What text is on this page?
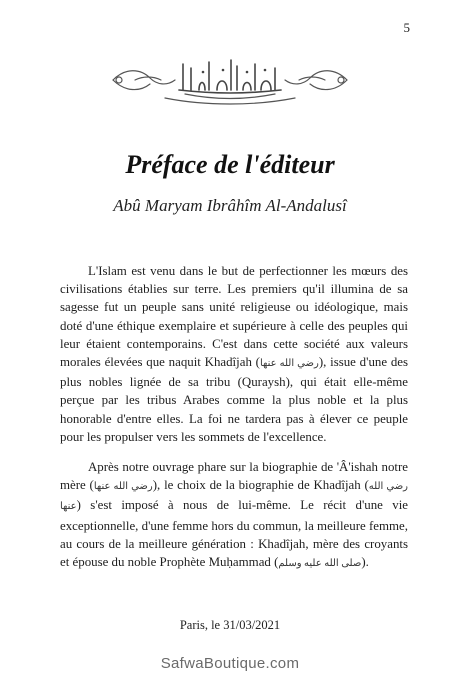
5
Préface de l'éditeur
Abû Maryam Ibrâhîm Al-Andalusî

L'Islam est venu dans le but de perfectionner les mœurs des civilisations établies sur terre. Les premiers qu'il illumina de sa sagesse fut un peuple sans unité religieuse ou idéologique, mais doté d'une éthique exemplaire et supérieure à celle des peuples qui leur étaient contemporains. C'est dans cette société aux valeurs morales élevées que naquit Khadîjah (رضي الله عنها), issue d'une des plus nobles lignée de sa tribu (Quraysh), qui était elle-même perçue par les tribus Arabes comme la plus noble et la plus honorable d'entre elles. La foi ne tardera pas à élever ce peuple pour les propulser vers les sommets de l'excellence.

Après notre ouvrage phare sur la biographie de 'Â'ishah notre mère (رضي الله عنها), le choix de la biographie de Khadîjah (رضي الله عنها) s'est imposé à nous de lui-même. Le récit d'une vie exceptionnelle, d'une femme hors du commun, la meilleure femme, au cours de la meilleure génération : Khadîjah, mère des croyants et épouse du noble Prophète Muḥammad (صلى الله عليه وسلم).

Paris, le 31/03/2021
SafwaBoutique.com
